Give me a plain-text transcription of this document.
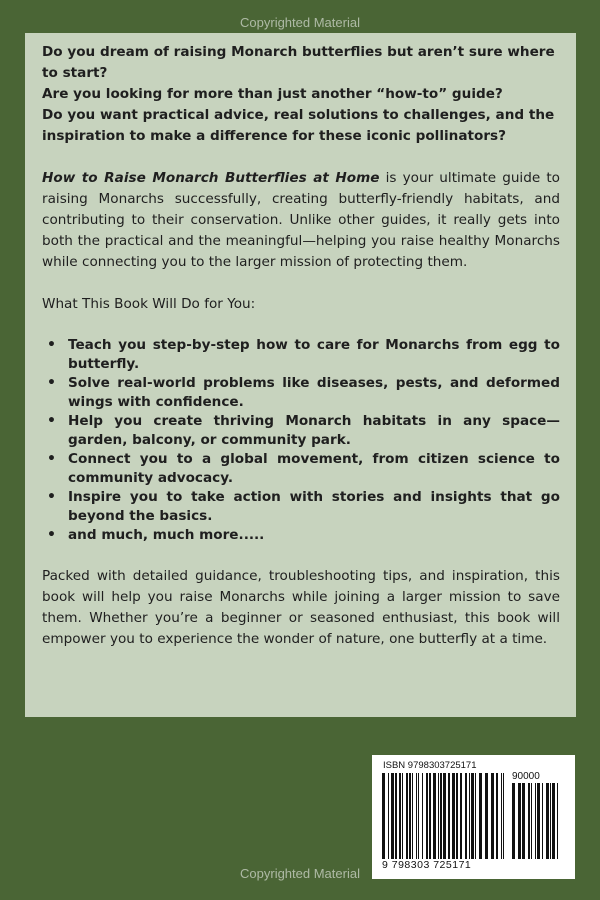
Copyrighted Material

Do you dream of raising Monarch butterflies but aren’t sure where to start?

Are you looking for more than just another “how-to” guide?

Do you want practical advice, real solutions to challenges, and the inspiration to make a difference for these iconic pollinators?

How to Raise Monarch Butterflies at Home is your ultimate guide to raising Monarchs successfully, creating butterfly-friendly habitats, and contributing to their conservation. Unlike other guides, it really gets into both the practical and the meaningful—helping you raise healthy Monarchs while connecting you to the larger mission of protecting them.

What This Book Will Do for You:

• Teach you step-by-step how to care for Monarchs from egg to butterfly.
• Solve real-world problems like diseases, pests, and deformed wings with confidence.
• Help you create thriving Monarch habitats in any space—garden, balcony, or community park.
• Connect you to a global movement, from citizen science to community advocacy.
• Inspire you to take action with stories and insights that go beyond the basics.
• and much, much more.....

Packed with detailed guidance, troubleshooting tips, and inspiration, this book will help you raise Monarchs while joining a larger mission to save them. Whether you’re a beginner or seasoned enthusiast, this book will empower you to experience the wonder of nature, one butterfly at a time.

ISBN 9798303725171
90000
9 798303 725171
Copyrighted Material
